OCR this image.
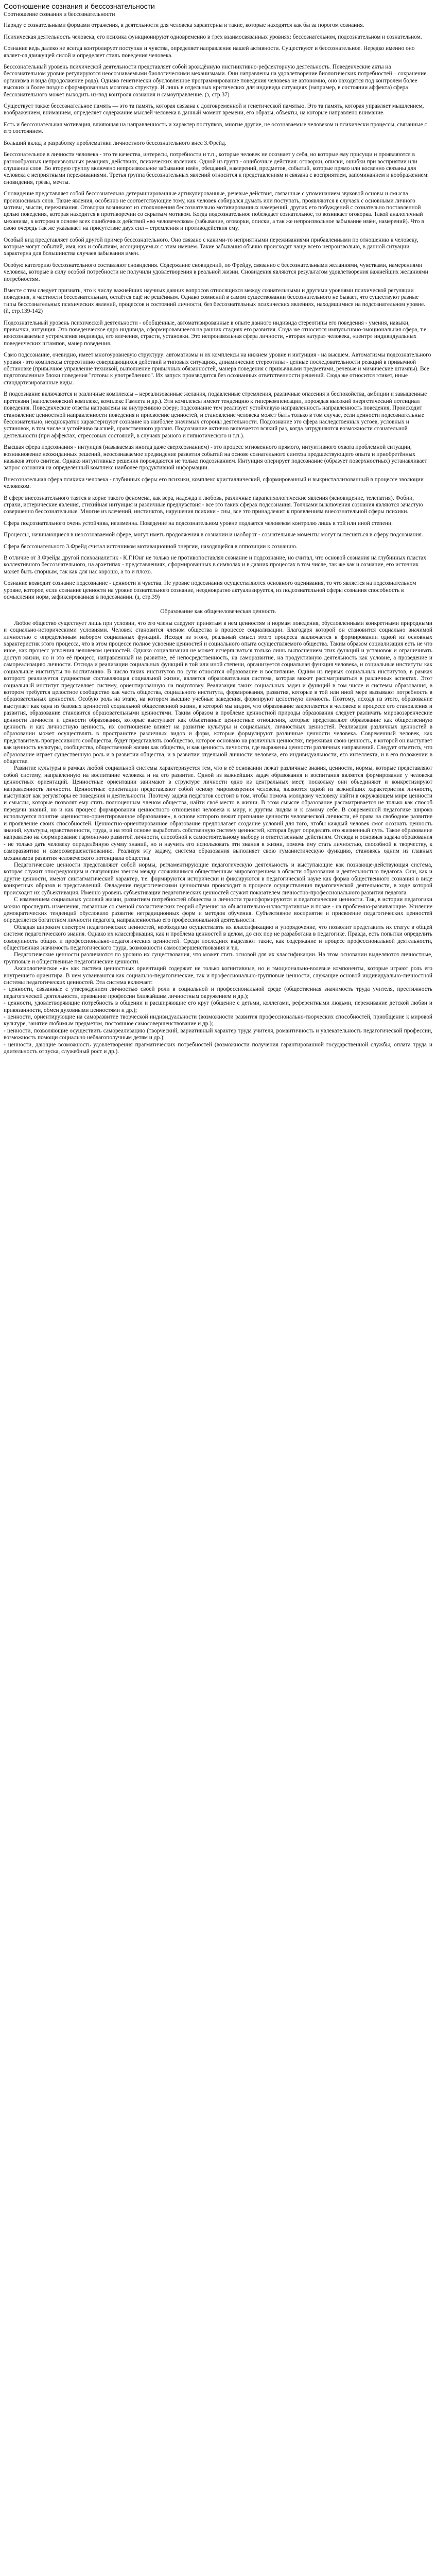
Соотношение сознания и бессознательности
Соотношение сознания и бессознательности

Наряду с сознательными формами отражения, в деятельности для человека характерны и такие, которые находятся как бы за порогом сознания.

Психическая деятельность человека, его психика функционируют одновременно в трёх взаимосвязанных уровнях: бессознательном, подсознательном и сознательном.

Сознание ведь далеко не всегда контролирует поступки и чувства, определяет направление нашей активности. Существуют и бессознательное. Нередко именно оно являет-ся движущей силой и определяет стиль поведения человека.

Бессознательный уровень психической деятельности представляет собой врождённую инстинктивно-рефлекторную деятельность. Поведенческие акты на бессознательном уровне регулируются неосознаваемыми биологическими механизмами. Они направлены на удовлетворение биологических потребностей – сохранение организма и вида (продолжение рода). Однако генетически обусловленное программирование поведения человека не автономно, оно находится под контролем более высоких и более поздно сформированных мозговых структур. И лишь в отдельных критических для индивида ситуациях (например, в состоянии аффекта) сфера бессознательного может выходить из-под контроля сознания и самоуправление. (з, стр.37)

Существует также бессознательное память — это та память, которая связана с долговременной и генетической памятью. Это та память, которая управляет мышлением, воображением, вниманием, определяет содержание мыслей человека в данный момент времени, его образы, объекты, на которые направлено внимание.

Есть и бессознательная мотивация, влияющая на направленность и характер поступков, многие другие, не осознаваемые человеком и психически процессы, связанные с его состоянием.

Больший вклад в разработку проблематики личностного бессознательного внес З.Фрейд.

Бессознательное в личности человека - это те качества, интересы, потребности и т.п., которые человек не осознает у себя, но которые ему присущи и проявляются в разнообразных непроизвольных реакциях, действиях, психических явлениях. Одной из групп - ошибочные действия: оговорки, описки, ошибки при восприятии или слушании слов. Во вторую группу включено непроизвольное забывание имён, обещаний, намерений, предметов, событий, которые прямо или косвенно связаны для человека с неприятными переживаниями. Третья группа бессознательных явлений относится к представлениям и связана с восприятием, запоминанием и воображением: сновидения, грёзы, мечты.

Сновидение представляет собой бессознательно детерминированные артикулированные, речевые действия, связанные с упоминанием звуковой основы и смысла произносимых слов. Такие явления, особенно не соответствующие тому, как человек собирался думать или поступать, проявляются в случаях с основными личного мотивы, мысли, переживания. Оговорки возникают из столкновения бессознательно мотивированных намерений, других его побуждений с сознательно поставленной целью поведения, которая находится в противоречии со скрытым мотивом. Когда подсознательное побеждает сознательное, то возникает оговорка. Такой аналогичный механизм, в котором в основе всех ошибочных действий «во человеческом» (забывание, оговорки, описки, а так же непроизвольное забывание имён, намерений). Что в свою очередь так же указывает на присутствие двух сил – стремления и противодействия ему.

Особый вид представляет собой другой пример бессознательного. Оно связано с какими-то неприятными переживаниями прибавленными по отношению к человеку, которые могут событий, имя, как и событиям, ассоциируемых с этим именем. Такие забывания обычно происходят чаще всего непроизвольно, в данной ситуации характерна для большинства случаев забывания имён.

Особую категорию бессознательного составляют сновидения. Содержание сновидений, по Фрейду, связанно с бессознательными желаниями, чувствами, намерениями человека, которые в силу особой потребности не получили удовлетворения в реальной жизни. Сновидения являются результатом удовлетворения важнейших желаниями потребностям.

Вместе с тем следует признать, что к числу важнейших научных давних вопросов относящихся между сознательными и другими уровнями психической регуляции поведения, и частности бессознательным, остаётся ещё не решённым. Однако сомнений в самом существовании бессознательного не бывает, что существуют разные типы бессознательных психических явлений, процессов и состояний личности, без бессознательных психических явлениях, находящимися на подсознательном уровне. (й, стр.139-142)

Подсознательный уровень психической деятельности - обобщённые, автоматизированные в опыте данного индивида стереотипы его поведения - умения, навыки, привычки, интуиция. Это поведенческое ядро индивида, сформировавшееся на ранних стадиях его развития. Сюда же относится импульсивно-эмоциональная сфера, т.е. неосознаваемые устремления индивида, его влечения, страсти, установки. Это непроизвольная сфера личности, «вторая натура» человека, «центр» индивидуальных поведенческих штампов, манер поведения.

Само подсознание, очевидно, имеет многоуровневую структуру: автоматизмы и их комплексы на нижнем уровне и интуиция - на высшем. Автоматизмы подсознательного уровня - это комплексы стереотипно совершающихся действий в типовых ситуациях, динамические стереотипы - цепные последовательности реакций в привычной обстановке (привычное управление техникой, выполнение привычных обязанностей, манера поведения с привычными предметами, речевые и мимические штампы). Все подготовленные блоки поведения "готовы к употреблению". Их запуск производится без осознанных ответственности решений. Сюда же относится этикет, иные стандартизированные виды.

В подсознание включаются и различные комплексы – нереализованные желания, подавленные стремления, различные опасения и беспокойства, амбиции и завышенные претензии (наполеоновский комплекс, комплекс Гамлета и др.). Эти комплексы имеют тенденцию к гиперкомпенсации, порождая высокий энергетический потенциал поведения. Поведенческие ответы направлены на внутреннюю сферу; подсознание тем реализует устойчивую направленность направленность поведения, Происходит становление ценностной направленности поведения и присвоение ценностей, и становление человека может быть только в том случае, если ценности подсознательные бессознательно, неоднократно характеризуют сознание на наиболее значимых стороны деятельности. Подсознание это сфера наследственных устоев, условных и установок, в том числе и устойчиво высшей, нравственного уровня. Подсознание активно включается всякий раз, когда затрудняются возможности сознательной деятельности (при аффектах, стрессовых состояний, в случаях разного и гипнотического и т.п.).

Высшая сфера подсознания - интуиция (называемая иногда даже сверхсознанием) - это процесс мгновенного прямого, интуитивного охвата проблемной ситуации, возникновение неожиданных решений, неосознаваемое предвидение развития событий на основе сознательного синтеза предшествующего опыта и приобретённых навыков этого синтеза. Однако интуитивные решения порождаются не только подсознанием. Интуиция оперирует подсознание (образует поверхностных) устанавливает запрос сознания на определённый комплекс наиболее продуктивной информации.

Внесознательная сфера психики человека - глубинных сферы его психики, комплекс кристаллический, сформированный и выкристаллизованный в процессе эволюции человеком.

В сфере внесознательного таятся в корне такого феномена, как вера, надежда и любовь, различные парапсихологические явления (ясновидение, телепатия). Фобии, страхи, истерические явления, стихийная интуиция и различные предчувствия - все это таких сферах подсознания. Толчками выключения сознания являются зачастую совершенно бессознательные. Многие из влечений, инстинктов, нарушения психики - сны, все это принадлежит к проявлениям внесознательной сферы психики.

Сфера подсознательного очень устойчива, неизменна. Поведение на подсознательном уровне подлается человеком контролю лишь в той или иной степени.

Процессы, начинающиеся в неосознаваемой сфере, могут иметь продолжения в сознании и наоборот - сознательные моменты могут вытесняться в сферу подсознания.

Сфера бессознательного З.Фрейд считал источником мотивационной энергии, находящейся в оппозиции к сознанию.

В отличие от З.Фрейда другой психоаналитик - К.Г.Юнг не только не противопоставлял сознание и подсознание, но считал, что основой сознания на глубинных пластах коллективного бессознательного, на архетипах - представлениях, сформированных в символах и в давних процессах в том числе, так же как и сознание, его источник может быть спорным, так как для нас хорошо, а то и плохо.

Сознание возводит сознание подсознание - ценности и чувства. Не уровне подсознания осуществляются основного оценивания, то что является на подсознательном уровне, которое, если сознание ценности на уровне сознательного сознание, неоднократно актуализируется, из подсознательной сферы сознания способность в осмыслении норм, зафиксированная в подсознании. (з, стр.39)

Образование как общечеловеческая ценность

Любое общество существует лишь при условии, что его члены следуют принятым в нем ценностям и нормам поведения, обусловленными конкретными природными и социально-историческими условиями. Человек становится членом общества в процессе социализации. Благодаря которой он становится социально значимой личностью с определённым набором социальных функций. Исходя из этого, реальный смысл этого процесса заключается в формировании одной из основных характеристик этого процесса, что в этом процессе полное усвоение ценностей и социального опыта осуществляемого общества. Таким образом социализация есть не что иное, как процесс усвоения человеком ценностей. Однако социализация не может исчерпываться только лишь выполнением этих функций и установок и ограничивать доступ жизни, но и это её процесс, направленный на развитие, её непосредственность, на саморазвитие, на продуктивную деятельность как условие, а проведение и самореализацию личности. Отсюда и реализации социальных функций в той или иной степени, организуется социальная функция человека, и социальные институты как социальные институты по воспитанию. В число таких институтов по сути относится образование и воспитание. Одним из первых социальных институтов, в рамках которого реализуется сущностная составляющая социальной жизни, является образовательная система, которая может рассматриваться в различных аспектах. Этот социальный институт представляет систему, ориентированную на подготовку. Реализация таких социальных задач и функций в том числе и системы образования, в котором требуется целостное сообщество как часть общества, социального института, формирования, развития, которые в той или иной мере вызывают потребность в образовательных ценностях. Особую роль на этапе, на котором высшие учебные заведения, формируют целостную личность. Поэтому, исходя из этого, образование выступает как одна из базовых ценностей социальной общественной жизни, в которой мы видим, что образование закрепляется в человеке в процессе его становления и развития, образование становится образовательными ценностями. Таким образом в проблеме ценностной природы образования следует различать мировоззренческие ценности личности и ценности образования, которые выступают как объективные ценностные отношения, которые представляют образование как общественную ценность и как личностную ценность, их соотношение влияет на развитие культуры и социальных, личностных ценностей. Реализация различных ценностей в образовании может осуществлять в пространстве различных видов и форм, которые формулируют различные ценности человека. Современный человек, как представитель прогрессивного сообщества, будет представлять сообщество, которое основано на различных ценностях, переживая свою ценность, в которой он выступает как ценность культуры, сообщества, общественной жизни как общества, и как ценность личности, где выражены ценности различных направлений. Следует отметить, что образование играет существенную роль и в развитии общества, и в развитии отдельной личности человека, его индивидуальности, его интеллекта, и в его положении в обществе.

Развитие культуры в рамках любой социальной системы характеризуется тем, что в её основании лежат различные знания, ценности, нормы, которые представляют собой систему, направленную на воспитание человека и на его развитие. Одной из важнейших задач образования и воспитания является формирование у человека ценностных ориентаций. Ценностные ориентации занимают в структуре личности одно из центральных мест, поскольку они объединяют и конкретизируют направленность личности. Ценностные ориентации представляют собой основу мировоззрения человека, являются одной из важнейших характеристик личности, выступают как регуляторы её поведения и деятельности. Поэтому задача педагогов состоит в том, чтобы помочь молодому человеку найти в окружающем мире ценности и смыслы, которые позволят ему стать полноценным членом общества, найти своё место в жизни. В этом смысле образование рассматривается не только как способ передачи знаний, но и как процесс формирования ценностного отношения человека к миру, к другим людям и к самому себе. В современной педагогике широко используется понятие «ценностно-ориентированное образование», в основе которого лежит признание ценности человеческой личности, её права на свободное развитие и проявление своих способностей. Ценностно-ориентированное образование предполагает создание условий для того, чтобы каждый человек смог осознать ценность знаний, культуры, нравственности, труда, и на этой основе выработать собственную систему ценностей, которая будет определять его жизненный путь. Такое образование направлено на формирование гармонично развитой личности, способной к самостоятельному выбору и ответственным действиям. Отсюда и основная задача образования - не только дать человеку определённую сумму знаний, но и научить его использовать эти знания в жизни, помочь ему стать личностью, способной к творчеству, к саморазвитию и самосовершенствованию. Реализуя эту задачу, система образования выполняет свою гуманистическую функцию, становясь одним из главных механизмов развития человеческого потенциала общества.

Педагогические ценности представляют собой нормы, регламентирующие педагогическую деятельность и выступающие как познающе-действующая система, которая служит опосредующим и связующим звеном между сложившимся общественным мировоззрением в области образования и деятельностью педагога. Они, как и другие ценности, имеют синтагматический характер, т.е. формируются исторически и фиксируются в педагогической науке как форма общественного сознания в виде конкретных образов и представлений. Овладение педагогическими ценностями происходит в процессе осуществления педагогической деятельности, в ходе которой происходит их субъективация. Именно уровень субъективации педагогических ценностей служит показателем личностно-профессионального развития педагога.

С изменением социальных условий жизни, развитием потребностей общества и личности трансформируются и педагогические ценности. Так, в истории педагогики можно проследить изменения, связанные со сменой схоластических теорий обучения на объяснительно-иллюстративные и позже - на проблемно-развивающие. Усиление демократических тенденций обусловило развитие нетрадиционных форм и методов обучения. Субъективное восприятие и присвоение педагогических ценностей определяется богатством личности педагога, направленностью его профессиональной деятельности.

Обладая широким спектром педагогических ценностей, необходимо осуществлять их классификацию и упорядочение, что позволит представить их статус в общей системе педагогического знания. Однако их классификация, как и проблема ценностей в целом, до сих пор не разработана в педагогике. Правда, есть попытки определить совокупность общих и профессионально-педагогических ценностей. Среди последних выделяют такие, как содержание и процесс профессиональной деятельности, общественная значимость педагогического труда, возможности самосовершенствования и т.д.

Педагогические ценности различаются по уровню их существования, что может стать основой для их классификации. На этом основании выделяются личностные, групповые и общественные педагогические ценности.

Аксиологическое «я» как система ценностных ориентаций содержит не только когнитивные, но и эмоционально-волевые компоненты, которые играют роль его внутреннего ориентира. В нем усваиваются как социально-педагогические, так и профессионально-групповые ценности, служащие основой индивидуально-личностной системы педагогических ценностей. Эта система включает:

- ценности, связанные с утверждением личностью своей роли в социальной и профессиональной среде (общественная значимость труда учителя, престижность педагогической деятельности, признание профессии ближайшим личностным окружением и др.);

- ценности, удовлетворяющие потребность в общении и расширяющие его круг (общение с детьми, коллегами, референтными людьми, переживание детской любви и привязанности, обмен духовными ценностями и др.);

- ценности, ориентирующие на саморазвитие творческой индивидуальности (возможности развития профессионально-творческих способностей, приобщение к мировой культуре, занятие любимым предметом, постоянное самосовершенствование и др.);

- ценности, позволяющие осуществить самореализацию (творческий, вариативный характер труда учителя, романтичность и увлекательность педагогической профессии, возможность помощи социально неблагополучным детям и др.);

- ценности, дающие возможность удовлетворения прагматических потребностей (возможности получения гарантированной государственной службы, оплата труда и длительность отпуска, служебный рост и др.).
